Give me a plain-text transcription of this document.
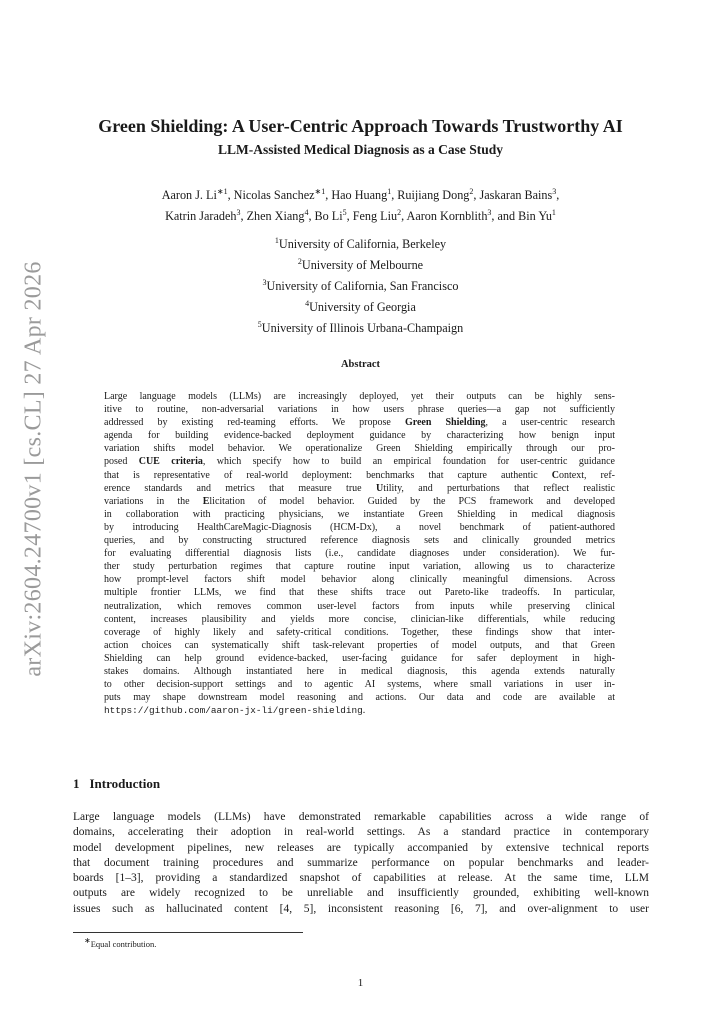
arXiv:2604.24700v1 [cs.CL] 27 Apr 2026
Green Shielding: A User-Centric Approach Towards Trustworthy AI
LLM-Assisted Medical Diagnosis as a Case Study
Aaron J. $Li^{∗1}$, Nicolas Sanchez$^{∗1}$, Hao Huang$^1$, Ruijiang Dong$^2$, Jaskaran Bains$^3$,
Katrin Jaradeh$^3$, Zhen Xiang$^4$, Bo Li$^5$, Feng Liu$^2$, Aaron Kornblith$^3$, and Bin Yu$^1$
$^1$University of California, Berkeley
$^2$University of Melbourne
$^3$University of California, San Francisco
$^4$University of Georgia
$^5$University of Illinois Urbana-Champaign
Abstract
Large language models (LLMs) are increasingly deployed, yet their outputs can be highly sens-
itive to routine, non-adversarial variations in how users phrase queries—a gap not sufficiently
addressed by existing red-teaming efforts. We propose Green Shielding, a user-centric research
agenda for building evidence-backed deployment guidance by characterizing how benign input
variation shifts model behavior. We operationalize Green Shielding empirically through our pro-
posed CUE criteria, which specify how to build an empirical foundation for user-centric guidance
that is representative of real-world deployment: benchmarks that capture authentic Context, ref-
erence standards and metrics that measure true Utility, and perturbations that reflect realistic
variations in the Elicitation of model behavior. Guided by the PCS framework and developed
in collaboration with practicing physicians, we instantiate Green Shielding in medical diagnosis
by introducing HealthCareMagic-Diagnosis (HCM-Dx), a novel benchmark of patient-authored
queries, and by constructing structured reference diagnosis sets and clinically grounded metrics
for evaluating differential diagnosis lists (i.e., candidate diagnoses under consideration). We fur-
ther study perturbation regimes that capture routine input variation, allowing us to characterize
how prompt-level factors shift model behavior along clinically meaningful dimensions. Across
multiple frontier LLMs, we find that these shifts trace out Pareto-like tradeoffs. In particular,
neutralization, which removes common user-level factors from inputs while preserving clinical
content, increases plausibility and yields more concise, clinician-like differentials, while reducing
coverage of highly likely and safety-critical conditions. Together, these findings show that inter-
action choices can systematically shift task-relevant properties of model outputs, and that Green
Shielding can help ground evidence-backed, user-facing guidance for safer deployment in high-
stakes domains. Although instantiated here in medical diagnosis, this agenda extends naturally
to other decision-support settings and to agentic AI systems, where small variations in user in-
puts may shape downstream model reasoning and actions. Our data and code are available at
https://github.com/aaron-jx-li/green-shielding.
1 Introduction
Large language models (LLMs) have demonstrated remarkable capabilities across a wide range of
domains, accelerating their adoption in real-world settings. As a standard practice in contemporary
model development pipelines, new releases are typically accompanied by extensive technical reports
that document training procedures and summarize performance on popular benchmarks and leader-
boards [1–3], providing a standardized snapshot of capabilities at release. At the same time, LLM
outputs are widely recognized to be unreliable and insufficiently grounded, exhibiting well-known
issues such as hallucinated content [4, 5], inconsistent reasoning [6, 7], and over-alignment to user
∗Equal contribution.
1
